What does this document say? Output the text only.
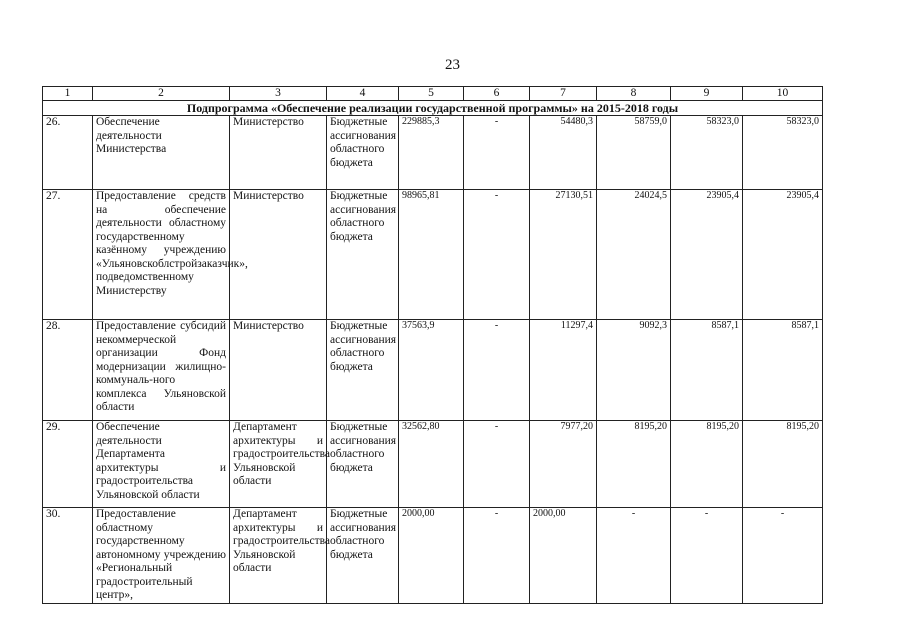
23
1	2	3	4	5	6	7	8	9	10
Подпрограмма «Обеспечение реализации государственной программы» на 2015-2018 годы									
26.	Обеспечение деятельности Министерства	Министерство	Бюджетные ассигнования областного бюджета	229885,3	-	54480,3	58759,0	58323,0	58323,0
27.	Предоставление средств на обеспечение деятельности областному государственному казённому учреждению «Ульяновскоблстройзаказчик», подведомственному Министерству	Министерство	Бюджетные ассигнования областного бюджета	98965,81	-	27130,51	24024,5	23905,4	23905,4
28.	Предоставление субсидий некоммерческой организации Фонд модернизации жилищно-коммуналь-ного комплекса Ульяновской области	Министерство	Бюджетные ассигнования областного бюджета	37563,9	-	11297,4	9092,3	8587,1	8587,1
29.	Обеспечение деятельности Департамента архитектуры и градостроительства Ульяновской области	Департамент архитектуры и градостроительства Ульяновской области	Бюджетные ассигнования областного бюджета	32562,80	-	7977,20	8195,20	8195,20	8195,20
30.	Предоставление областному государственному автономному учреждению «Региональный градостроительный центр»,	Департамент архитектуры и градостроительства Ульяновской области	Бюджетные ассигнования областного бюджета	2000,00	-	2000,00	-	-	-
